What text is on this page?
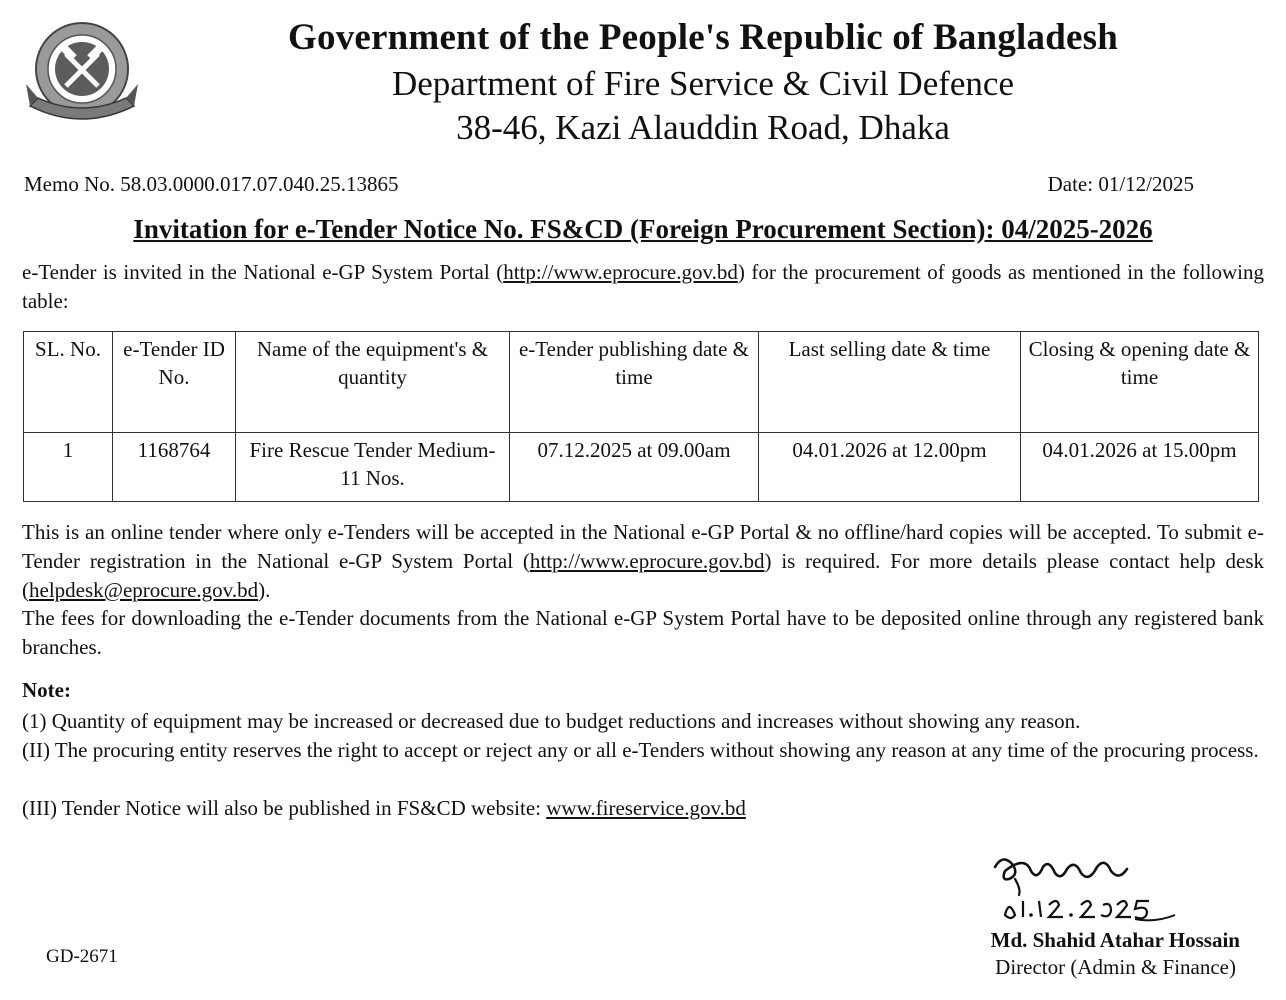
Government of the People's Republic of Bangladesh
Department of Fire Service & Civil Defence
38-46, Kazi Alauddin Road, Dhaka
Memo No. 58.03.0000.017.07.040.25.13865	Date: 01/12/2025
Invitation for e-Tender Notice No. FS&CD (Foreign Procurement Section): 04/2025-2026
e-Tender is invited in the National e-GP System Portal (http://www.eprocure.gov.bd) for the procurement of goods as mentioned in the following table:
SL. No.	e-Tender ID No.	Name of the equipment's & quantity	e-Tender publishing date & time	Last selling date & time	Closing & opening date & time
1	1168764	Fire Rescue Tender Medium- 11 Nos.	07.12.2025 at 09.00am	04.01.2026 at 12.00pm	04.01.2026 at 15.00pm
This is an online tender where only e-Tenders will be accepted in the National e-GP Portal & no offline/hard copies will be accepted. To submit e-Tender registration in the National e-GP System Portal (http://www.eprocure.gov.bd) is required. For more details please contact help desk (helpdesk@eprocure.gov.bd).
The fees for downloading the e-Tender documents from the National e-GP System Portal have to be deposited online through any registered bank branches.
Note:
(1) Quantity of equipment may be increased or decreased due to budget reductions and increases without showing any reason.
(II) The procuring entity reserves the right to accept or reject any or all e-Tenders without showing any reason at any time of the procuring process.
(III) Tender Notice will also be published in FS&CD website: www.fireservice.gov.bd
Md. Shahid Atahar Hossain
Director (Admin & Finance)
GD-2671
